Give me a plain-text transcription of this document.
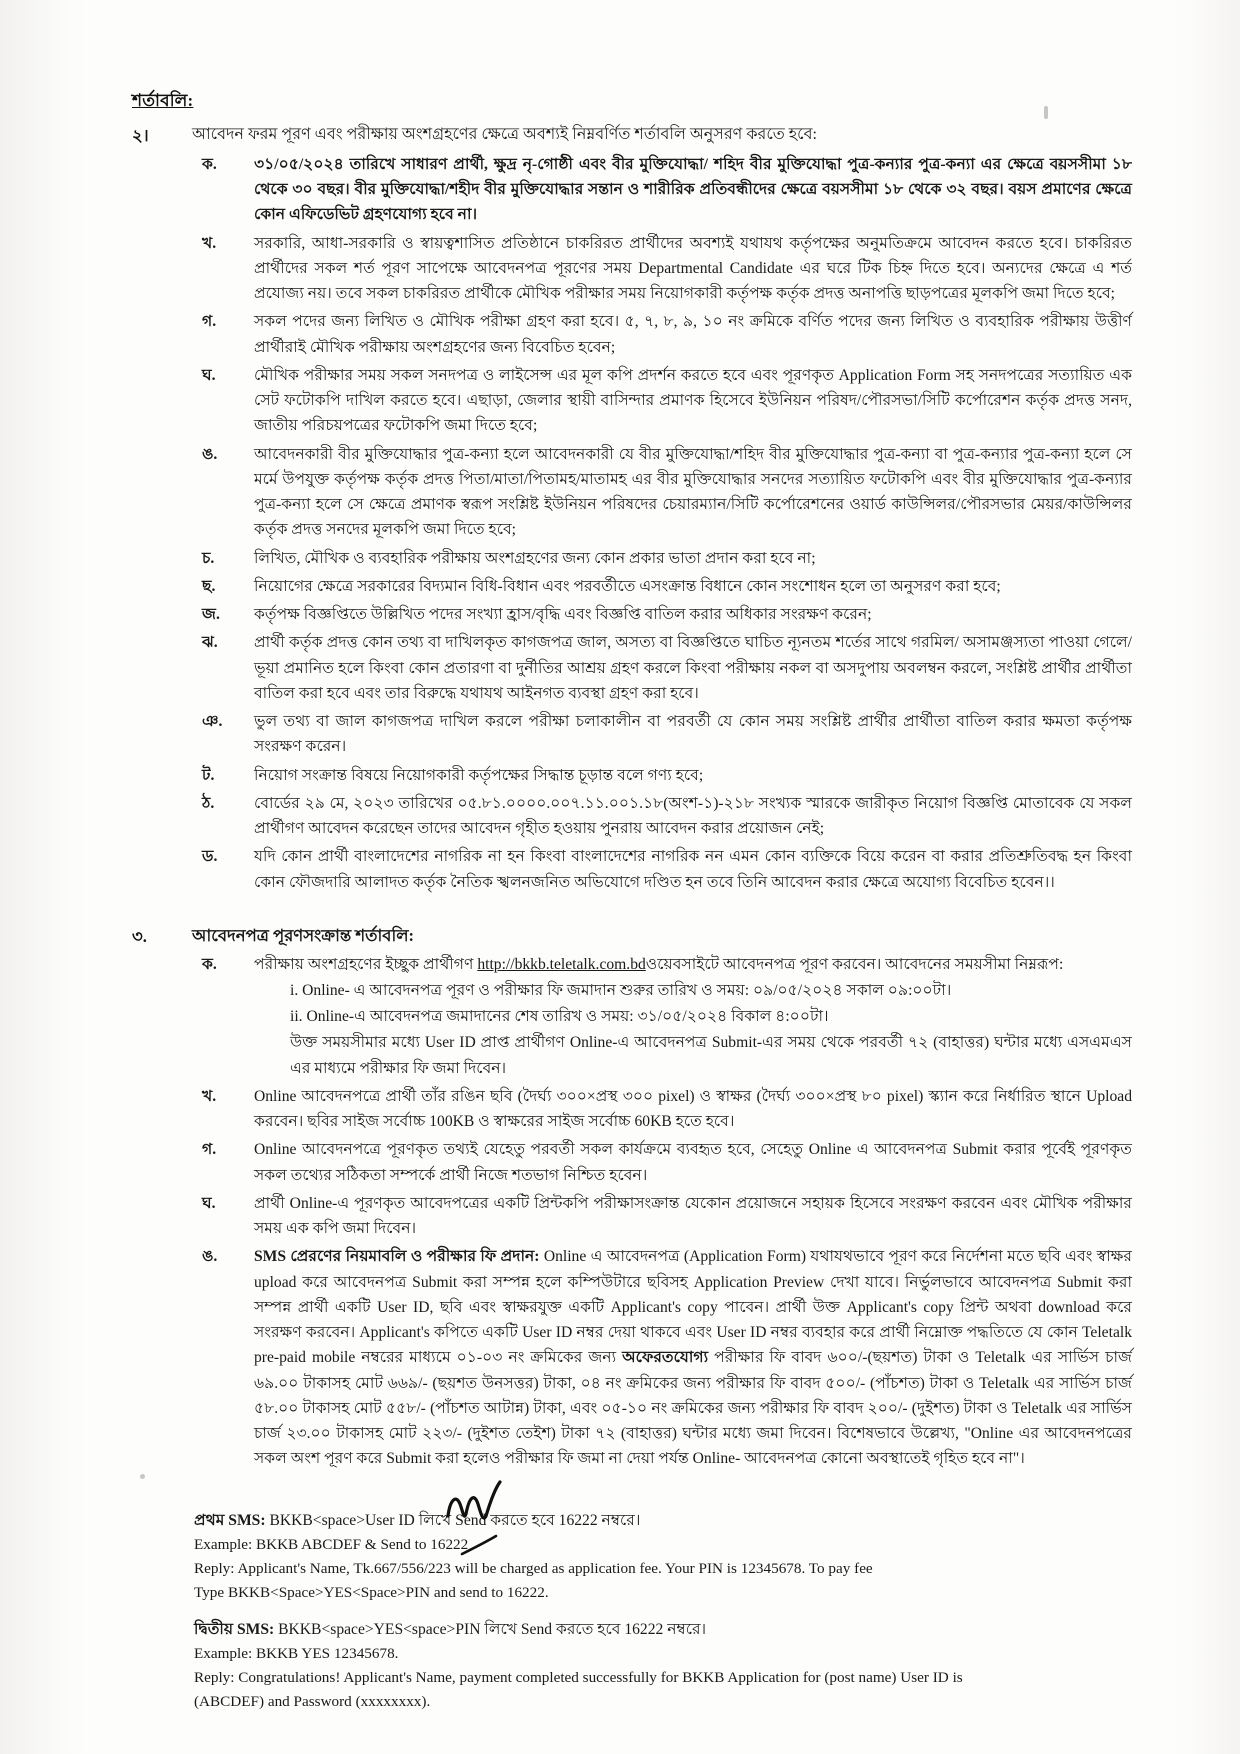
শর্তাবলি:
২।	আবেদন ফরম পূরণ এবং পরীক্ষায় অংশগ্রহণের ক্ষেত্রে অবশ্যই নিম্নবর্ণিত শর্তাবলি অনুসরণ করতে হবে:

ক.	৩১/০৫/২০২৪ তারিখে সাধারণ প্রার্থী, ক্ষুদ্র নৃ-গোষ্ঠী এবং বীর মুক্তিযোদ্ধা/ শহিদ বীর মুক্তিযোদ্ধা পুত্র-কন্যার পুত্র-কন্যা এর ক্ষেত্রে বয়সসীমা ১৮ থেকে ৩০ বছর। বীর মুক্তিযোদ্ধা/শহীদ বীর মুক্তিযোদ্ধার সন্তান ও শারীরিক প্রতিবন্ধীদের ক্ষেত্রে বয়সসীমা ১৮ থেকে ৩২ বছর। বয়স প্রমাণের ক্ষেত্রে কোন এফিডেভিট গ্রহণযোগ্য হবে না।
খ.	সরকারি, আধা-সরকারি ও স্বায়ত্বশাসিত প্রতিষ্ঠানে চাকরিরত প্রার্থীদের অবশ্যই যথাযথ কর্তৃপক্ষের অনুমতিক্রমে আবেদন করতে হবে। চাকরিরত প্রার্থীদের সকল শর্ত পূরণ সাপেক্ষে আবেদনপত্র পূরণের সময় Departmental Candidate এর ঘরে টিক চিহ্ন দিতে হবে। অন্যদের ক্ষেত্রে এ শর্ত প্রযোজ্য নয়। তবে সকল চাকরিরত প্রার্থীকে মৌখিক পরীক্ষার সময় নিয়োগকারী কর্তৃপক্ষ কর্তৃক প্রদত্ত অনাপত্তি ছাড়পত্রের মূলকপি জমা দিতে হবে;
গ.	সকল পদের জন্য লিখিত ও মৌখিক পরীক্ষা গ্রহণ করা হবে। ৫, ৭, ৮, ৯, ১০ নং ক্রমিকে বর্ণিত পদের জন্য লিখিত ও ব্যবহারিক পরীক্ষায় উত্তীর্ণ প্রার্থীরাই মৌখিক পরীক্ষায় অংশগ্রহণের জন্য বিবেচিত হবেন;
ঘ.	মৌখিক পরীক্ষার সময় সকল সনদপত্র ও লাইসেন্স এর মূল কপি প্রদর্শন করতে হবে এবং পূরণকৃত Application Form সহ সনদপত্রের সত্যায়িত এক সেট ফটোকপি দাখিল করতে হবে। এছাড়া, জেলার স্থায়ী বাসিন্দার প্রমাণক হিসেবে ইউনিয়ন পরিষদ/পৌরসভা/সিটি কর্পোরেশন কর্তৃক প্রদত্ত সনদ, জাতীয় পরিচয়পত্রের ফটোকপি জমা দিতে হবে;
ঙ.	আবেদনকারী বীর মুক্তিযোদ্ধার পুত্র-কন্যা হলে আবেদনকারী যে বীর মুক্তিযোদ্ধা/শহিদ বীর মুক্তিযোদ্ধার পুত্র-কন্যা বা পুত্র-কন্যার পুত্র-কন্যা হলে সে মর্মে উপযুক্ত কর্তৃপক্ষ কর্তৃক প্রদত্ত পিতা/মাতা/পিতামহ/মাতামহ এর বীর মুক্তিযোদ্ধার সনদের সত্যায়িত ফটোকপি এবং বীর মুক্তিযোদ্ধার পুত্র-কন্যার পুত্র-কন্যা হলে সে ক্ষেত্রে প্রমাণক স্বরূপ সংশ্লিষ্ট ইউনিয়ন পরিষদের চেয়ারম্যান/সিটি কর্পোরেশনের ওয়ার্ড কাউন্সিলর/পৌরসভার মেয়র/কাউন্সিলর কর্তৃক প্রদত্ত সনদের মূলকপি জমা দিতে হবে;
চ.	লিখিত, মৌখিক ও ব্যবহারিক পরীক্ষায় অংশগ্রহণের জন্য কোন প্রকার ভাতা প্রদান করা হবে না;
ছ.	নিয়োগের ক্ষেত্রে সরকারের বিদ্যমান বিধি-বিধান এবং পরবর্তীতে এসংক্রান্ত বিধানে কোন সংশোধন হলে তা অনুসরণ করা হবে;
জ.	কর্তৃপক্ষ বিজ্ঞপ্তিতে উল্লিখিত পদের সংখ্যা হ্রাস/বৃদ্ধি এবং বিজ্ঞপ্তি বাতিল করার অধিকার সংরক্ষণ করেন;
ঝ.	প্রার্থী কর্তৃক প্রদত্ত কোন তথ্য বা দাখিলকৃত কাগজপত্র জাল, অসত্য বা বিজ্ঞপ্তিতে ঘাচিত ন্যূনতম শর্তের সাথে গরমিল/ অসামঞ্জস্যতা পাওয়া গেলে/ ভূয়া প্রমানিত হলে কিংবা কোন প্রতারণা বা দুর্নীতির আশ্রয় গ্রহণ করলে কিংবা পরীক্ষায় নকল বা অসদুপায় অবলম্বন করলে, সংশ্লিষ্ট প্রার্থীর প্রার্থীতা বাতিল করা হবে এবং তার বিরুদ্ধে যথাযথ আইনগত ব্যবস্থা গ্রহণ করা হবে।
ঞ.	ভুল তথ্য বা জাল কাগজপত্র দাখিল করলে পরীক্ষা চলাকালীন বা পরবর্তী যে কোন সময় সংশ্লিষ্ট প্রার্থীর প্রার্থীতা বাতিল করার ক্ষমতা কর্তৃপক্ষ সংরক্ষণ করেন।
ট.	নিয়োগ সংক্রান্ত বিষয়ে নিয়োগকারী কর্তৃপক্ষের সিদ্ধান্ত চূড়ান্ত বলে গণ্য হবে;
ঠ.	বোর্ডের ২৯ মে, ২০২৩ তারিখের ০৫.৮১.০০০০.০০৭.১১.০০১.১৮(অংশ-১)-২১৮ সংখ্যক স্মারকে জারীকৃত নিয়োগ বিজ্ঞপ্তি মোতাবেক যে সকল প্রার্থীগণ আবেদন করেছেন তাদের আবেদন গৃহীত হওয়ায় পুনরায় আবেদন করার প্রয়োজন নেই;
ড.	যদি কোন প্রার্থী বাংলাদেশের নাগরিক না হন কিংবা বাংলাদেশের নাগরিক নন এমন কোন ব্যক্তিকে বিয়ে করেন বা করার প্রতিশ্রুতিবদ্ধ হন কিংবা কোন ফৌজদারি আলাদত কর্তৃক নৈতিক স্খলনজনিত অভিযোগে দণ্ডিত হন তবে তিনি আবেদন করার ক্ষেত্রে অযোগ্য বিবেচিত হবেন।।
৩.	আবেদনপত্র পূরণসংক্রান্ত শর্তাবলি:

ক.	পরীক্ষায় অংশগ্রহণের ইচ্ছুক প্রার্থীগণ http://bkkb.teletalk.com.bdওয়েবসাইটে আবেদনপত্র পূরণ করবেন। আবেদনের সময়সীমা নিম্নরূপ:
i. Online- এ আবেদনপত্র পূরণ ও পরীক্ষার ফি জমাদান শুরুর তারিখ ও সময়: ০৯/০৫/২০২৪ সকাল ০৯:০০টা।
ii. Online-এ আবেদনপত্র জমাদানের শেষ তারিখ ও সময়: ৩১/০৫/২০২৪ বিকাল ৪:০০টা।
উক্ত সময়সীমার মধ্যে User ID প্রাপ্ত প্রার্থীগণ Online-এ আবেদনপত্র Submit-এর সময় থেকে পরবর্তী ৭২ (বাহাত্তর) ঘন্টার মধ্যে এসএমএস এর মাধ্যমে পরীক্ষার ফি জমা দিবেন।
খ.	Online আবেদনপত্রে প্রার্থী তাঁর রঙিন ছবি (দৈর্ঘ্য ৩০০×প্রস্থ ৩০০ pixel) ও স্বাক্ষর (দৈর্ঘ্য ৩০০×প্রস্থ ৮০ pixel) স্ক্যান করে নির্ধারিত স্থানে Upload করবেন। ছবির সাইজ সর্বোচ্চ 100KB ও স্বাক্ষরের সাইজ সর্বোচ্চ 60KB হতে হবে।
গ.	Online আবেদনপত্রে পূরণকৃত তথ্যই যেহেতু পরবর্তী সকল কার্যক্রমে ব্যবহৃত হবে, সেহেতু Online এ আবেদনপত্র Submit করার পূর্বেই পূরণকৃত সকল তথ্যের সঠিকতা সম্পর্কে প্রার্থী নিজে শতভাগ নিশ্চিত হবেন।
ঘ.	প্রার্থী Online-এ পূরণকৃত আবেদপত্রের একটি প্রিন্টকপি পরীক্ষাসংক্রান্ত যেকোন প্রয়োজনে সহায়ক হিসেবে সংরক্ষণ করবেন এবং মৌখিক পরীক্ষার সময় এক কপি জমা দিবেন।
ঙ.	SMS প্রেরণের নিয়মাবলি ও পরীক্ষার ফি প্রদান: Online এ আবেদনপত্র (Application Form) যথাযথভাবে পূরণ করে নির্দেশনা মতে ছবি এবং স্বাক্ষর upload করে আবেদনপত্র Submit করা সম্পন্ন হলে কম্পিউটারে ছবিসহ Application Preview দেখা যাবে। নির্ভুলভাবে আবেদনপত্র Submit করা সম্পন্ন প্রার্থী একটি User ID, ছবি এবং স্বাক্ষরযুক্ত একটি Applicant's copy পাবেন। প্রার্থী উক্ত Applicant's copy প্রিন্ট অথবা download করে সংরক্ষণ করবেন। Applicant's কপিতে একটি User ID নম্বর দেয়া থাকবে এবং User ID নম্বর ব্যবহার করে প্রার্থী নিম্নোক্ত পদ্ধতিতে যে কোন Teletalk pre-paid mobile নম্বরের মাধ্যমে ০১-০৩ নং ক্রমিকের জন্য অফেরতযোগ্য পরীক্ষার ফি বাবদ ৬০০/-(ছয়শত) টাকা ও Teletalk এর সার্ভিস চার্জ ৬৯.০০ টাকাসহ মোট ৬৬৯/- (ছয়শত উনসত্তর) টাকা, ০৪ নং ক্রমিকের জন্য পরীক্ষার ফি বাবদ ৫০০/- (পাঁচশত) টাকা ও Teletalk এর সার্ভিস চার্জ ৫৮.০০ টাকাসহ মোট ৫৫৮/- (পাঁচশত আটান্ন) টাকা, এবং ০৫-১০ নং ক্রমিকের জন্য পরীক্ষার ফি বাবদ ২০০/- (দুইশত) টাকা ও Teletalk এর সার্ভিস চার্জ ২৩.০০ টাকাসহ মোট ২২৩/- (দুইশত তেইশ) টাকা ৭২ (বাহাত্তর) ঘন্টার মধ্যে জমা দিবেন। বিশেষভাবে উল্লেখ্য, "Online এর আবেদনপত্রের সকল অংশ পূরণ করে Submit করা হলেও পরীক্ষার ফি জমা না দেয়া পর্যন্ত Online- আবেদনপত্র কোনো অবস্থাতেই গৃহিত হবে না"।

প্রথম SMS: BKKB<space>User ID লিখে Send করতে হবে 16222 নম্বরে।

Example: BKKB ABCDEF & Send to 16222

Reply: Applicant's Name, Tk.667/556/223 will be charged as application fee. Your PIN is 12345678. To pay fee

Type BKKB<Space>YES<Space>PIN and send to 16222.

দ্বিতীয় SMS: BKKB<space>YES<space>PIN লিখে Send করতে হবে 16222 নম্বরে।

Example: BKKB YES 12345678.

Reply: Congratulations! Applicant's Name, payment completed successfully for BKKB Application for (post name) User ID is

(ABCDEF) and Password (xxxxxxxx).
